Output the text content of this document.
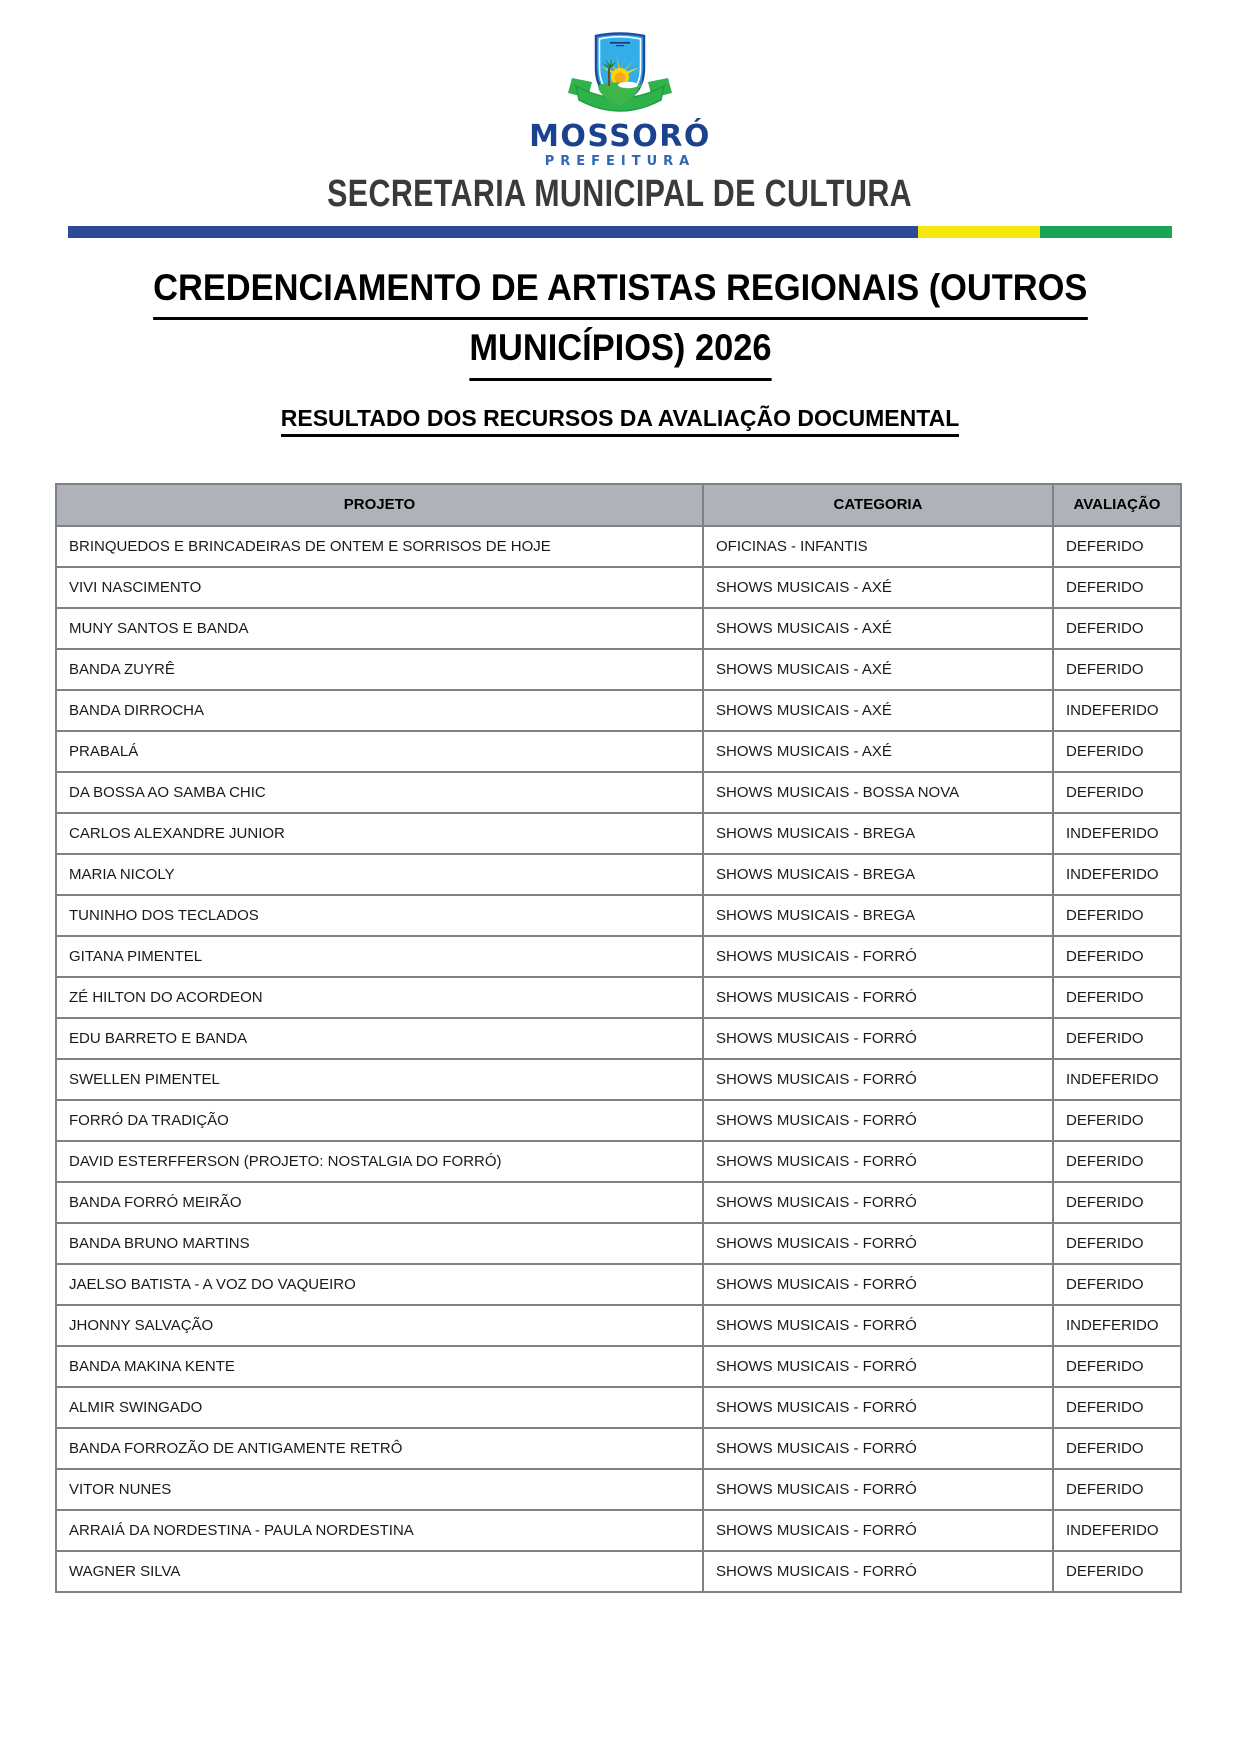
MOSSORÓ
PREFEITURA
SECRETARIA MUNICIPAL DE CULTURA
CREDENCIAMENTO DE ARTISTAS REGIONAIS (OUTROS
MUNICÍPIOS) 2026
RESULTADO DOS RECURSOS DA AVALIAÇÃO DOCUMENTAL
PROJETO	CATEGORIA	AVALIAÇÃO
BRINQUEDOS E BRINCADEIRAS DE ONTEM E SORRISOS DE HOJE	OFICINAS - INFANTIS	DEFERIDO
VIVI NASCIMENTO	SHOWS MUSICAIS - AXÉ	DEFERIDO
MUNY SANTOS E BANDA	SHOWS MUSICAIS - AXÉ	DEFERIDO
BANDA ZUYRÊ	SHOWS MUSICAIS - AXÉ	DEFERIDO
BANDA DIRROCHA	SHOWS MUSICAIS - AXÉ	INDEFERIDO
PRABALÁ	SHOWS MUSICAIS - AXÉ	DEFERIDO
DA BOSSA AO SAMBA CHIC	SHOWS MUSICAIS - BOSSA NOVA	DEFERIDO
CARLOS ALEXANDRE JUNIOR	SHOWS MUSICAIS - BREGA	INDEFERIDO
MARIA NICOLY	SHOWS MUSICAIS - BREGA	INDEFERIDO
TUNINHO DOS TECLADOS	SHOWS MUSICAIS - BREGA	DEFERIDO
GITANA PIMENTEL	SHOWS MUSICAIS - FORRÓ	DEFERIDO
ZÉ HILTON DO ACORDEON	SHOWS MUSICAIS - FORRÓ	DEFERIDO
EDU BARRETO E BANDA	SHOWS MUSICAIS - FORRÓ	DEFERIDO
SWELLEN PIMENTEL	SHOWS MUSICAIS - FORRÓ	INDEFERIDO
FORRÓ DA TRADIÇÃO	SHOWS MUSICAIS - FORRÓ	DEFERIDO
DAVID ESTERFFERSON (PROJETO: NOSTALGIA DO FORRÓ)	SHOWS MUSICAIS - FORRÓ	DEFERIDO
BANDA FORRÓ MEIRÃO	SHOWS MUSICAIS - FORRÓ	DEFERIDO
BANDA BRUNO MARTINS	SHOWS MUSICAIS - FORRÓ	DEFERIDO
JAELSO BATISTA - A VOZ DO VAQUEIRO	SHOWS MUSICAIS - FORRÓ	DEFERIDO
JHONNY SALVAÇÃO	SHOWS MUSICAIS - FORRÓ	INDEFERIDO
BANDA MAKINA KENTE	SHOWS MUSICAIS - FORRÓ	DEFERIDO
ALMIR SWINGADO	SHOWS MUSICAIS - FORRÓ	DEFERIDO
BANDA FORROZÃO DE ANTIGAMENTE RETRÔ	SHOWS MUSICAIS - FORRÓ	DEFERIDO
VITOR NUNES	SHOWS MUSICAIS - FORRÓ	DEFERIDO
ARRAIÁ DA NORDESTINA - PAULA NORDESTINA	SHOWS MUSICAIS - FORRÓ	INDEFERIDO
WAGNER SILVA	SHOWS MUSICAIS - FORRÓ	DEFERIDO
